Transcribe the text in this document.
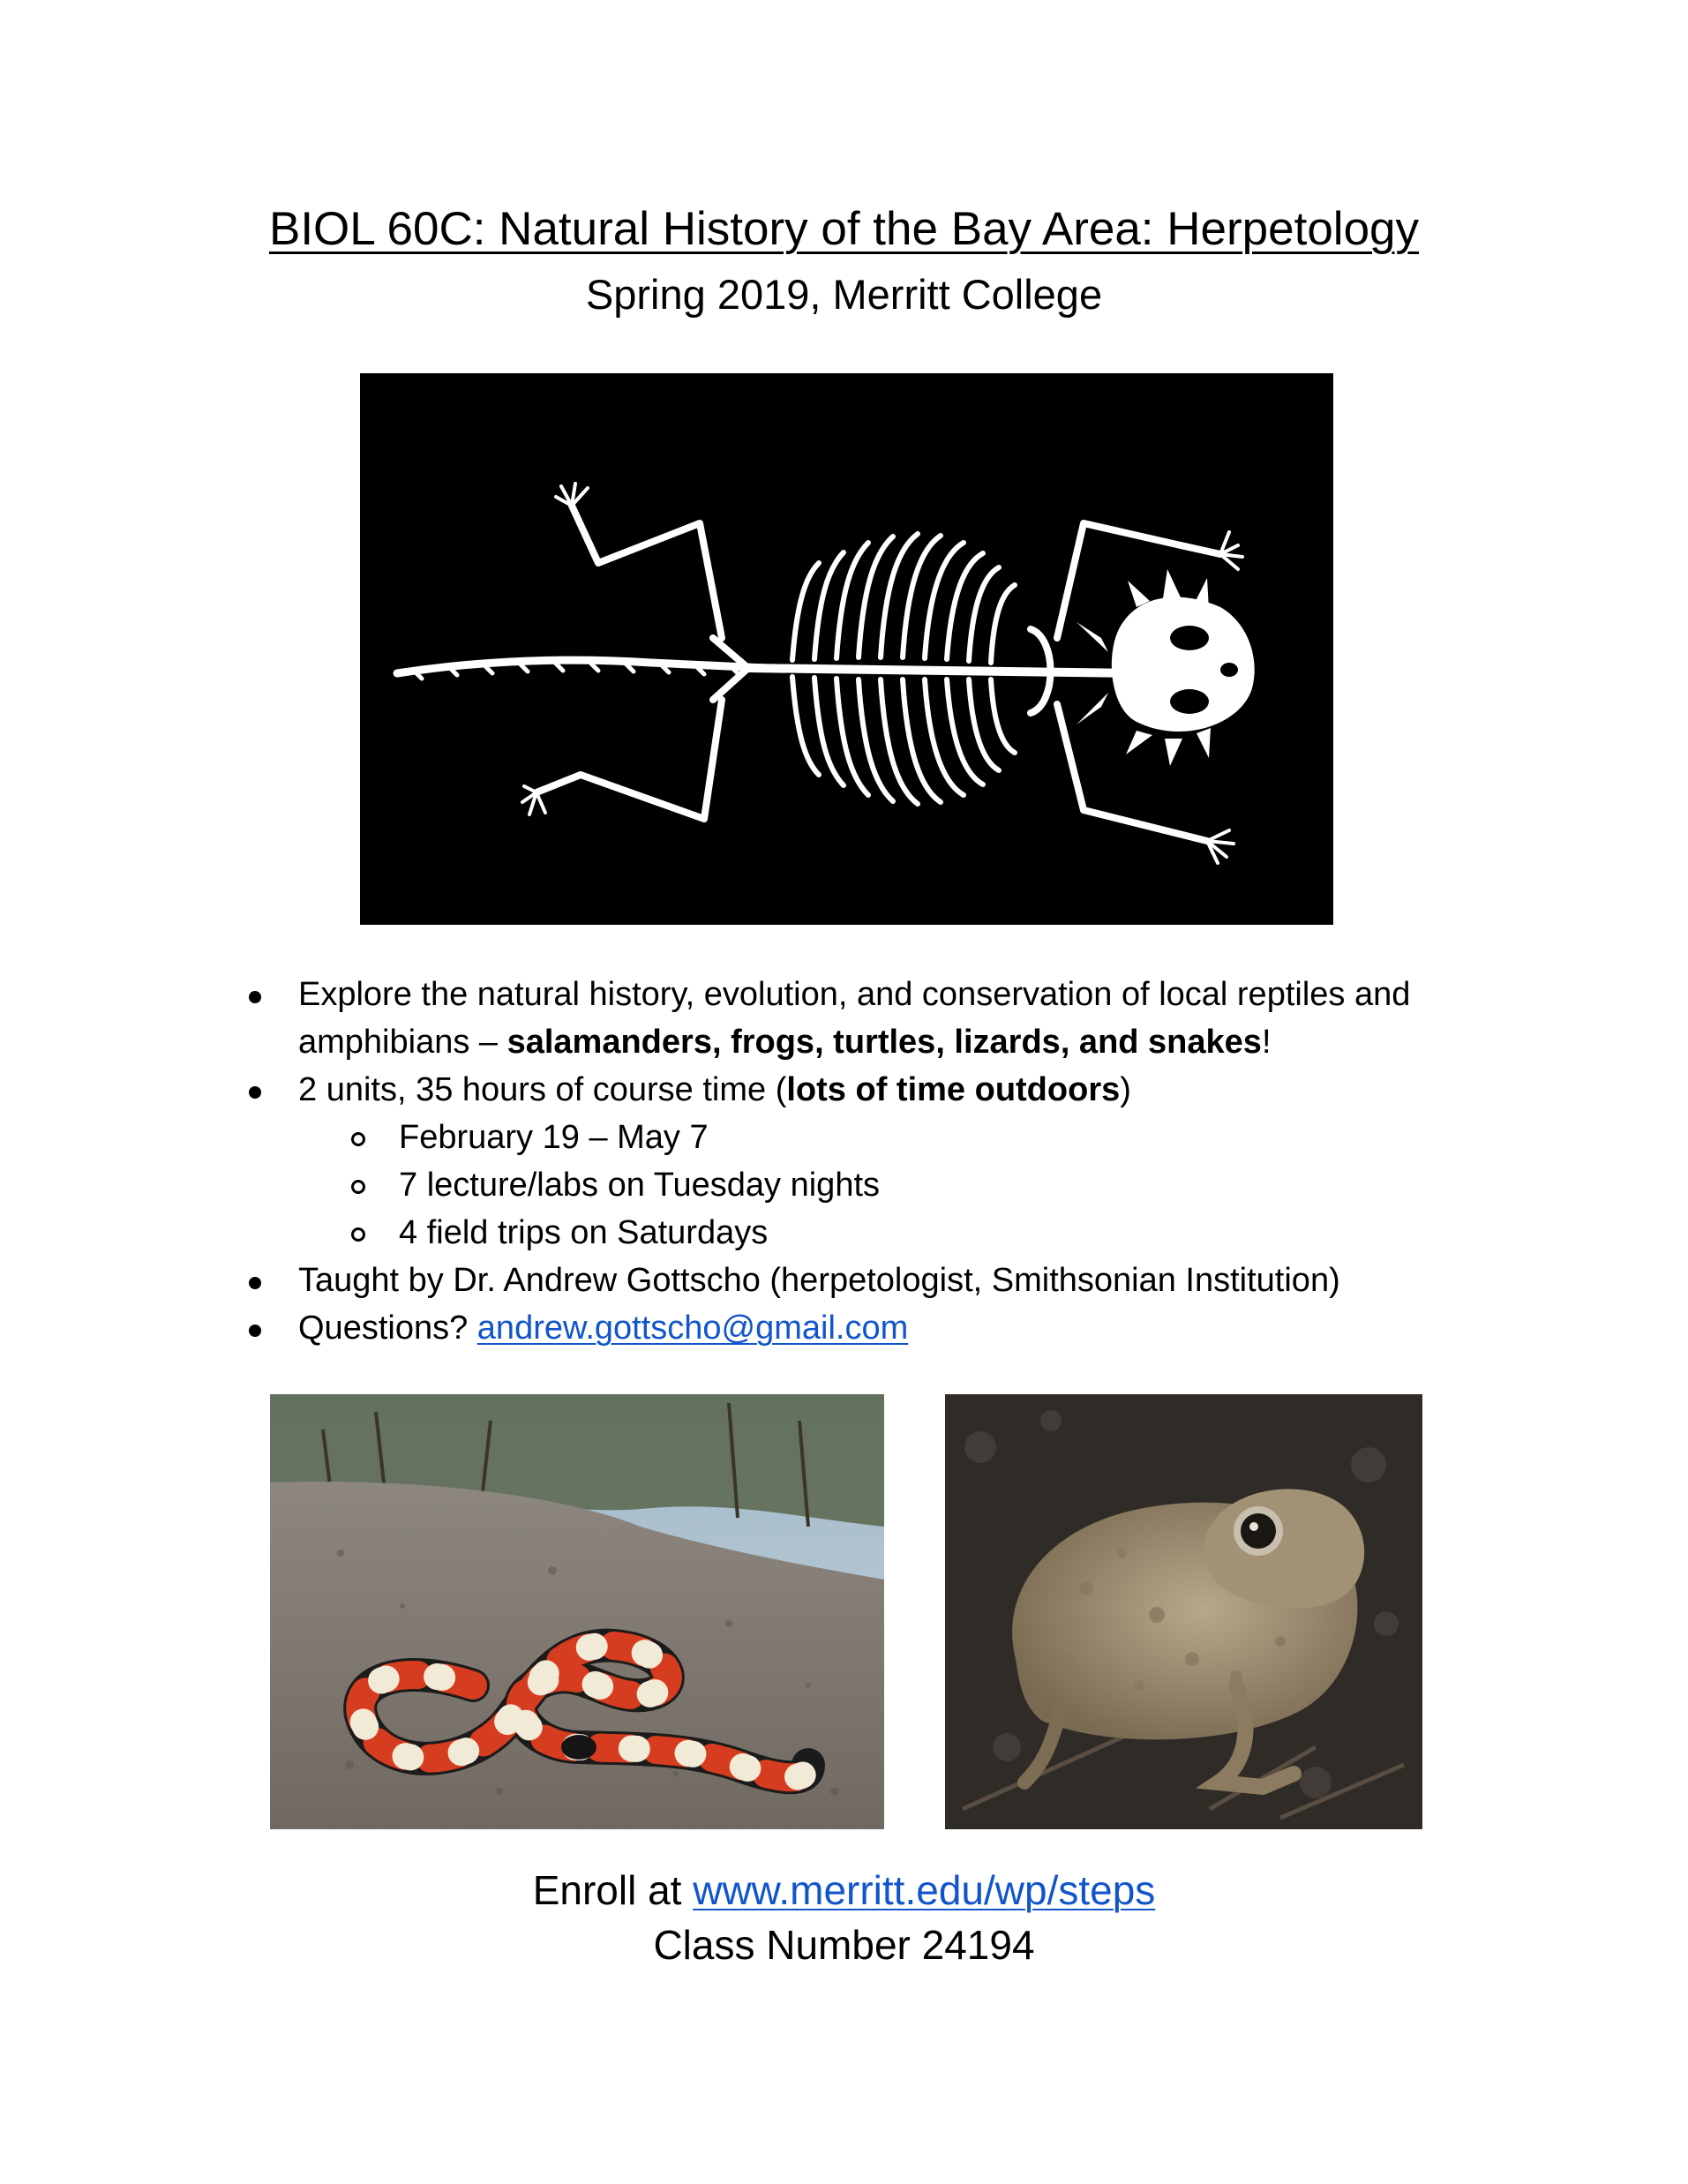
BIOL 60C: Natural History of the Bay Area: Herpetology
Spring 2019, Merritt College
Explore the natural history, evolution, and conservation of local reptiles and
amphibians – salamanders, frogs, turtles, lizards, and snakes!
2 units, 35 hours of course time (lots of time outdoors)
February 19 – May 7
7 lecture/labs on Tuesday nights
4 field trips on Saturdays
Taught by Dr. Andrew Gottscho (herpetologist, Smithsonian Institution)
Questions? andrew.gottscho@gmail.com
Enroll at www.merritt.edu/wp/steps
Class Number 24194
